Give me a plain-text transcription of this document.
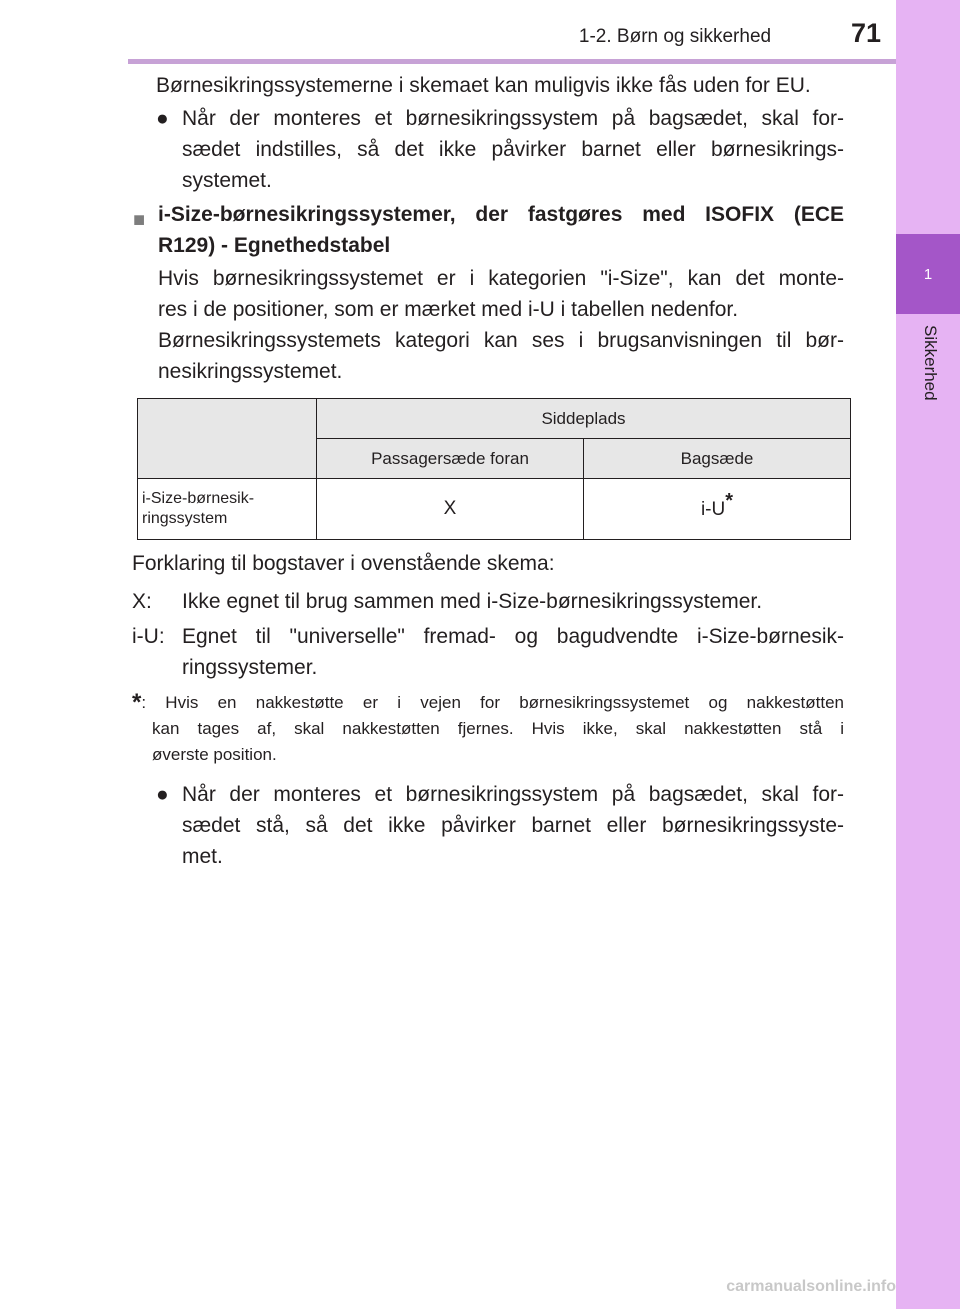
1
Sikkerhed
1-2. Børn og sikkerhed	71

Børnesikringssystemerne i skemaet kan muligvis ikke fås uden for EU.

● Når der monteres et børnesikringssystem på bagsædet, skal for-
sædet indstilles, så det ikke påvirker barnet eller børnesikrings-
systemet.

■ i-Size-børnesikringssystemer, der fastgøres med ISOFIX (ECE
R129) - Egnethedstabel

Hvis børnesikringssystemet er i kategorien "i-Size", kan det monte-
res i de positioner, som er mærket med i-U i tabellen nedenfor.
Børnesikringssystemets kategori kan ses i brugsanvisningen til bør-
nesikringssystemet.

	Siddeplads	
	Passagersæde foran	Bagsæde

i-Size-børnesik-
ringssystem	X	i-U*

Forklaring til bogstaver i ovenstående skema:

X: Ikke egnet til brug sammen med i-Size-børnesikringssystemer.

i-U: Egnet til "universelle" fremad- og bagudvendte i-Size-børnesik-
ringssystemer.

*: Hvis en nakkestøtte er i vejen for børnesikringssystemet og nakkestøtten
kan tages af, skal nakkestøtten fjernes. Hvis ikke, skal nakkestøtten stå i
øverste position.
● Når der monteres et børnesikringssystem på bagsædet, skal for-
sædet stå, så det ikke påvirker barnet eller børnesikringssyste-
met.

carmanualsonline.info
